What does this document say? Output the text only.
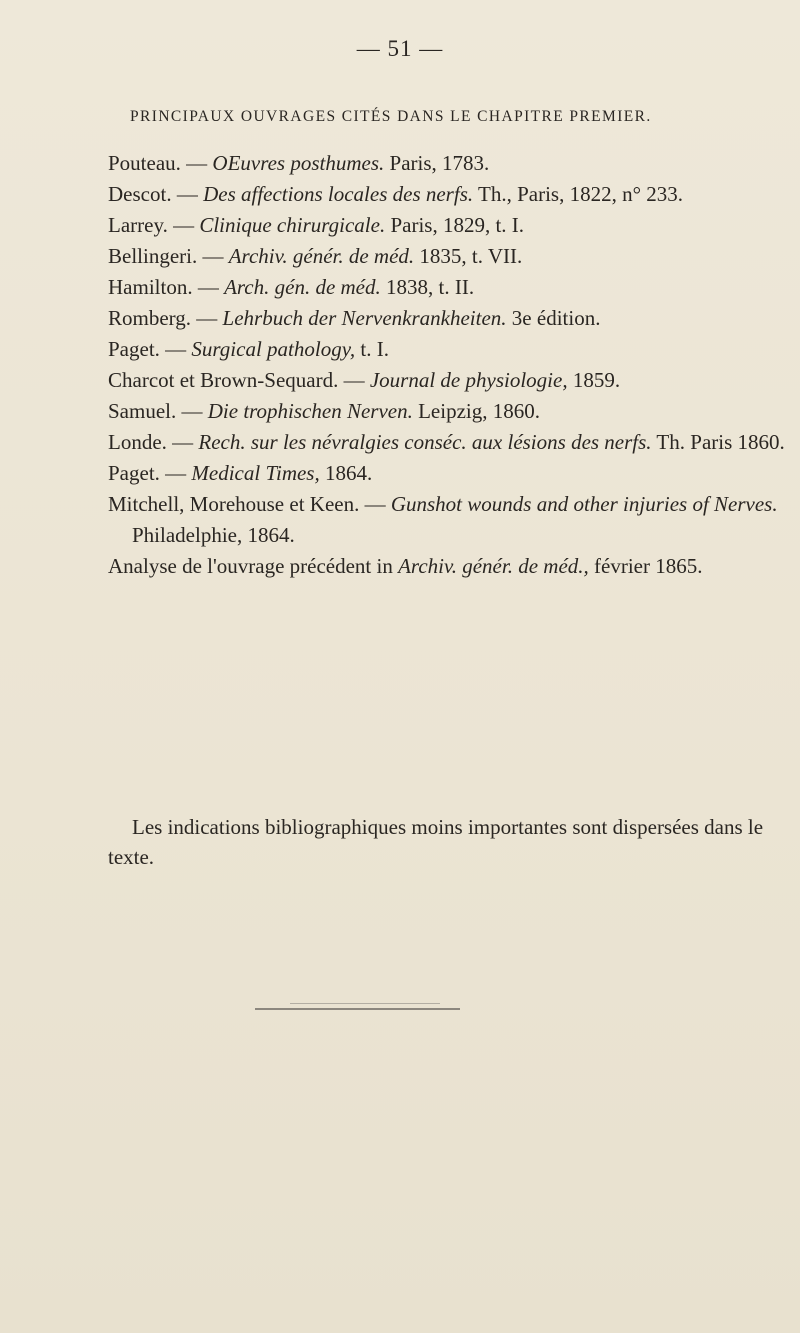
— 51 —
PRINCIPAUX OUVRAGES CITÉS DANS LE CHAPITRE PREMIER.
Pouteau. — OEuvres posthumes. Paris, 1783.
Descot. — Des affections locales des nerfs. Th., Paris, 1822, n° 233.
Larrey. — Clinique chirurgicale. Paris, 1829, t. I.
Bellingeri. — Archiv. génér. de méd. 1835, t. VII.
Hamilton. — Arch. gén. de méd. 1838, t. II.
Romberg. — Lehrbuch der Nervenkrankheiten. 3e édition.
Paget. — Surgical pathology, t. I.
Charcot et Brown-Sequard. — Journal de physiologie, 1859.
Samuel. — Die trophischen Nerven. Leipzig, 1860.
Londe. — Rech. sur les névralgies conséc. aux lésions des nerfs. Th. Paris 1860.
Paget. — Medical Times, 1864.
Mitchell, Morehouse et Keen. — Gunshot wounds and other injuries of Nerves. Philadelphie, 1864.
Analyse de l'ouvrage précédent in Archiv. génér. de méd., février 1865.

Les indications bibliographiques moins importantes sont dispersées dans le texte.
